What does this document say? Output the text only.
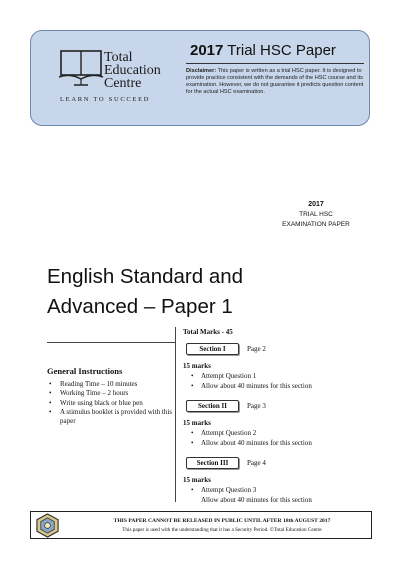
Total
Education
Centre
LEARN TO SUCCEED
2017 Trial HSC Paper
Disclaimer: This paper is written as a trial HSC paper. It is designed to provide practice consistent with the demands of the HSC course and its examination. However, we do not guarantee it predicts question content for the actual HSC examination.
2017
TRIAL HSC
EXAMINATION PAPER
English Standard and
Advanced – Paper 1
General Instructions
• Reading Time – 10 minutes
• Working Time – 2 hours
• Write using black or blue pen
• A stimulus booklet is provided with this paper
Total Marks - 45
Section I	Page 2
15 marks
• Attempt Question 1
• Allow about 40 minutes for this section
Section II	Page 3
15 marks
• Attempt Question 2
• Allow about 40 minutes for this section
Section III	Page 4
15 marks
• Attempt Question 3
Allow about 40 minutes for this section
THIS PAPER CANNOT BE RELEASED IN PUBLIC UNTIL AFTER 18th AUGUST 2017
This paper is used with the understanding that it has a Security Period. ©Total Education Centre
